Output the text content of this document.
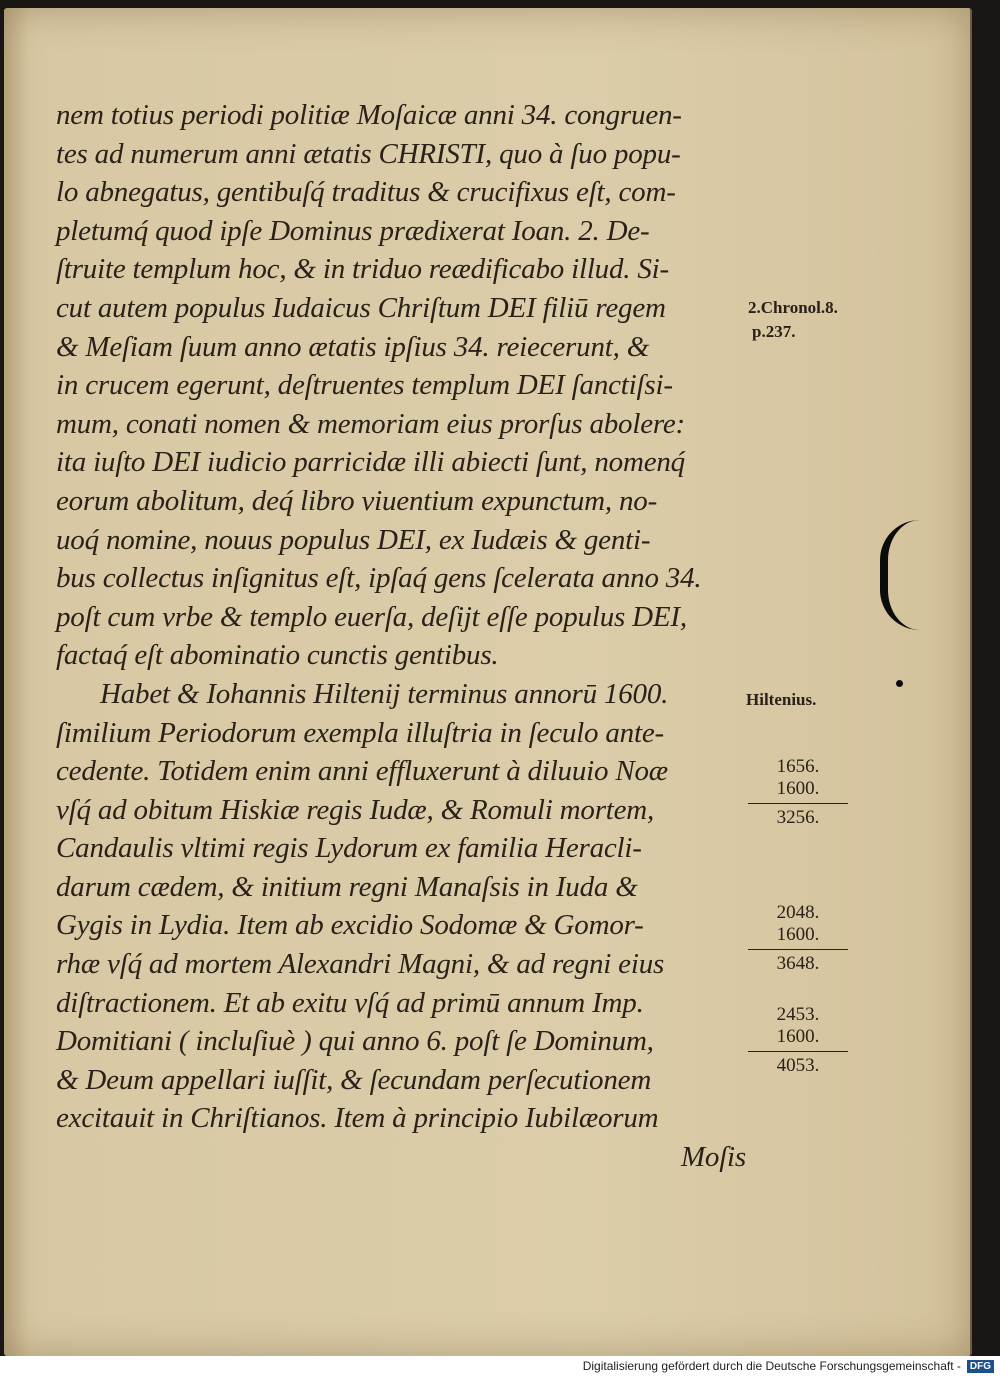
nem totius periodi politiæ Moſaicæ anni 34. congruen-
tes ad numerum anni ætatis CHRISTI, quo à ſuo popu-
lo abnegatus, gentibuſq́ traditus & crucifixus eſt, com-
pletumq́ quod ipſe Dominus prædixerat Ioan. 2. De-
ſtruite templum hoc, & in triduo reædificabo illud. Si-
cut autem populus Iudaicus Chriſtum DEI filiū regem
& Meſiam ſuum anno ætatis ipſius 34. reiecerunt, &
in crucem egerunt, deſtruentes templum DEI ſanctiſsi-
mum, conati nomen & memoriam eius prorſus abolere:
ita iuſto DEI iudicio parricidæ illi abiecti ſunt, nomenq́
eorum abolitum, deq́ libro viuentium expunctum, no-
uoq́ nomine, nouus populus DEI, ex Iudæis & genti-
bus collectus inſignitus eſt, ipſaq́ gens ſcelerata anno 34.
poſt cum vrbe & templo euerſa, deſijt eſſe populus DEI,
factaq́ eſt abominatio cunctis gentibus.
Habet & Iohannis Hiltenij terminus annorū 1600.
ſimilium Periodorum exempla illuſtria in ſeculo ante-
cedente. Totidem enim anni effluxerunt à diluuio Noæ
vſq́ ad obitum Hiskiæ regis Iudæ, & Romuli mortem,
Candaulis vltimi regis Lydorum ex familia Heracli-
darum cædem, & initium regni Manaſsis in Iuda &
Gygis in Lydia. Item ab excidio Sodomæ & Gomor-
rhæ vſq́ ad mortem Alexandri Magni, & ad regni eius
diſtractionem. Et ab exitu vſq́ ad primū annum Imp.
Domitiani ( incluſiuè ) qui anno 6. poſt ſe Dominum,
& Deum appellari iuſſit, & ſecundam perſecutionem
excitauit in Chriſtianos. Item à principio Iubilæorum
Moſis
2.Chronol.8.
p.237.
Hiltenius.
1656.
1600.
3256.
2048.
1600.
3648.
2453.
1600.
4053.
Digitalisierung gefördert durch die Deutsche Forschungsgemeinschaft - DFG
